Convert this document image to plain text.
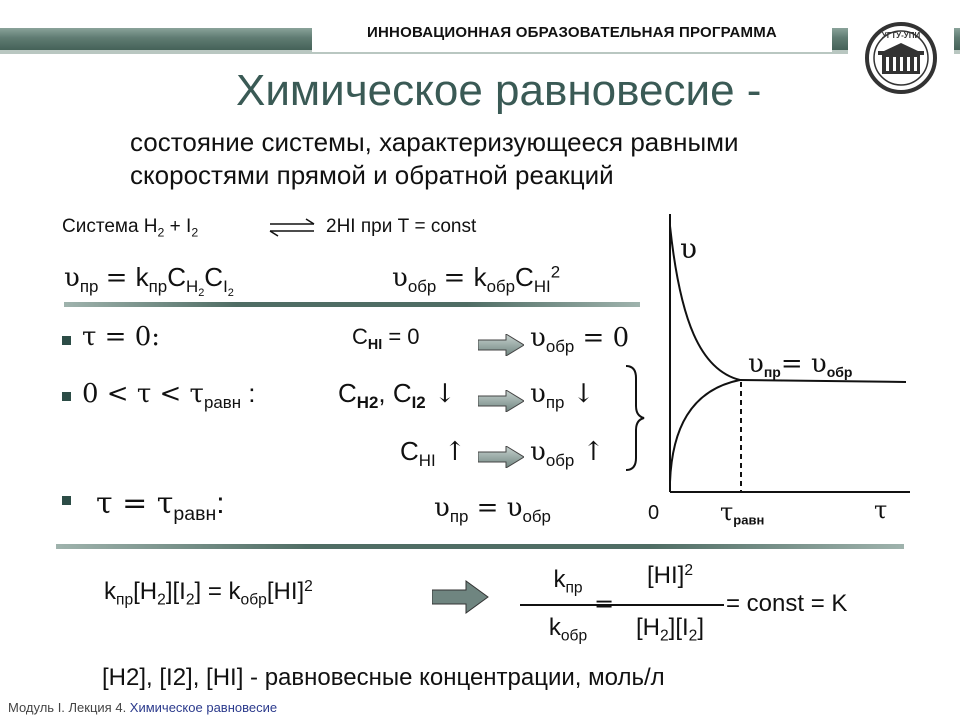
ИННОВАЦИОННАЯ ОБРАЗОВАТЕЛЬНАЯ ПРОГРАММА	УГТУ-УПИ
Химическое равновесие -
состояние системы, характеризующееся равными
скоростями прямой и обратной реакций
Система $Н_2 + I_2$	⇌ 2HI при Т = const
$\upsilon_{пр} = k_{пр}C_{H_2}C_{I_2}$	$\upsilon_{обр} = k_{обр}C_{HI}^2$
τ = 0:	$C_{HI} = 0$	$\upsilon_{обр} = 0$
$0 < \tau < \tau_{равн}$ :	$C_{H2}$, $C_{I2}$ ↓	$\upsilon_{пр}$ ↓
$C_{HI}$ ↑ $\upsilon_{обр}$ ↑
$\tau = \tau_{равн}$:	$\upsilon_{пр} = \upsilon_{обр}$
υ
τ
0	$\tau_{равн}$
$\upsilon_{пр}= \upsilon_{обр}$
$k_{пр}[H_2][I_2] = k_{обр}[HI]^2$	$k_{пр}$
$k_{обр}$
=
[HI]$^2$
$[H_2][I_2]$
= const = K
[H2], [I2], [HI] - равновесные концентрации, моль/л
Модуль I. Лекция 4. Химическое равновесие
